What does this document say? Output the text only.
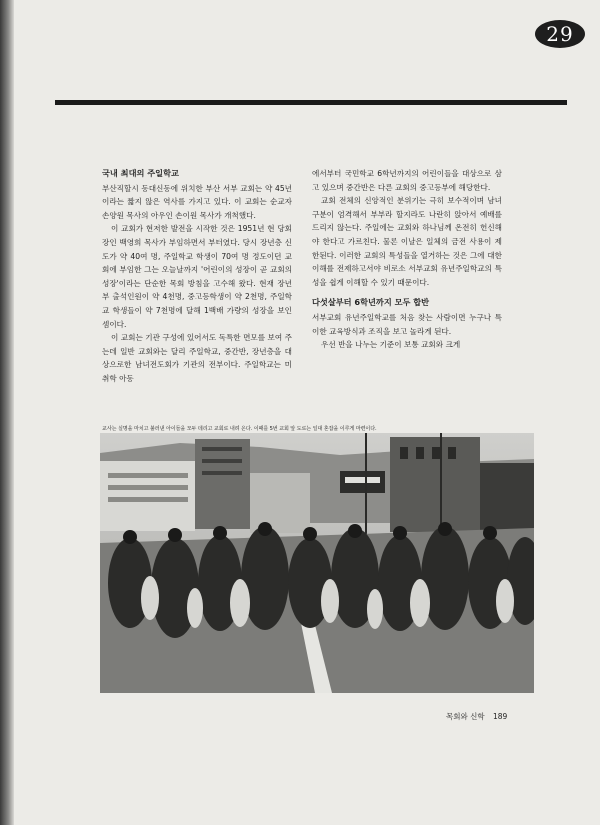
29
국내 최대의 주일학교

부산직할시 동대신동에 위치한 부산 서부 교회는 약 45년이라는 짧지 않은 역사를 가지고 있다. 이 교회는 순교자 손양원 목사의 아우인 손이원 목사가 개척했다.

이 교회가 현저한 발전을 시작한 것은 1951년 현 당회장인 백영희 목사가 부임하면서 부터였다. 당시 장년층 신도가 약 40여 명, 주일학교 학생이 70여 명 정도이던 교회에 부임한 그는 오늘날까지 '어린이의 성장이 곧 교회의 성장'이라는 단순한 목회 방침을 고수해 왔다. 현재 장년부 출석인원이 약 4천명, 중고등학생이 약 2천명, 주일학교 학생들이 약 7천명에 달해 1백배 가량의 성장을 보인 셈이다.

이 교회는 기관 구성에 있어서도 독특한 면모를 보여 주는데 일반 교회와는 달리 주일학교, 중간반, 장년층을 대상으로한 남녀전도회가 기관의 전부이다. 주일학교는 미취학 아동

에서부터 국민학교 6학년까지의 어린이들을 대상으로 삼고 있으며 중간반은 다른 교회의 중고등부에 해당한다.

교회 전체의 신앙적인 분위기는 극히 보수적이며 남녀 구분이 엄격해서 부부라 할지라도 나란히 앉아서 예배를 드리지 않는다. 주일에는 교회와 하나님께 온전히 헌신해야 한다고 가르친다. 물론 이날은 일체의 금전 사용이 제한된다. 이러한 교회의 특성들을 열거하는 것은 그에 대한 이해를 전제하고서야 비로소 서부교회 유년주일학교의 특성을 쉽게 이해할 수 있기 때문이다.

다섯살부터 6학년까지 모두 합반

서부교회 유년주일학교를 처음 찾는 사람이면 누구나 특이한 교육방식과 조직을 보고 놀라게 된다.

우선 반을 나누는 기준이 보통 교회와 크게

교사는 실명을 마치고 불러낸 아이들을 모두 데리고 교회로 내려 온다. 이때를 5번 교회 앞 도로는 일대 혼잡을 이루게 마련이다.
목회와 신학 189
